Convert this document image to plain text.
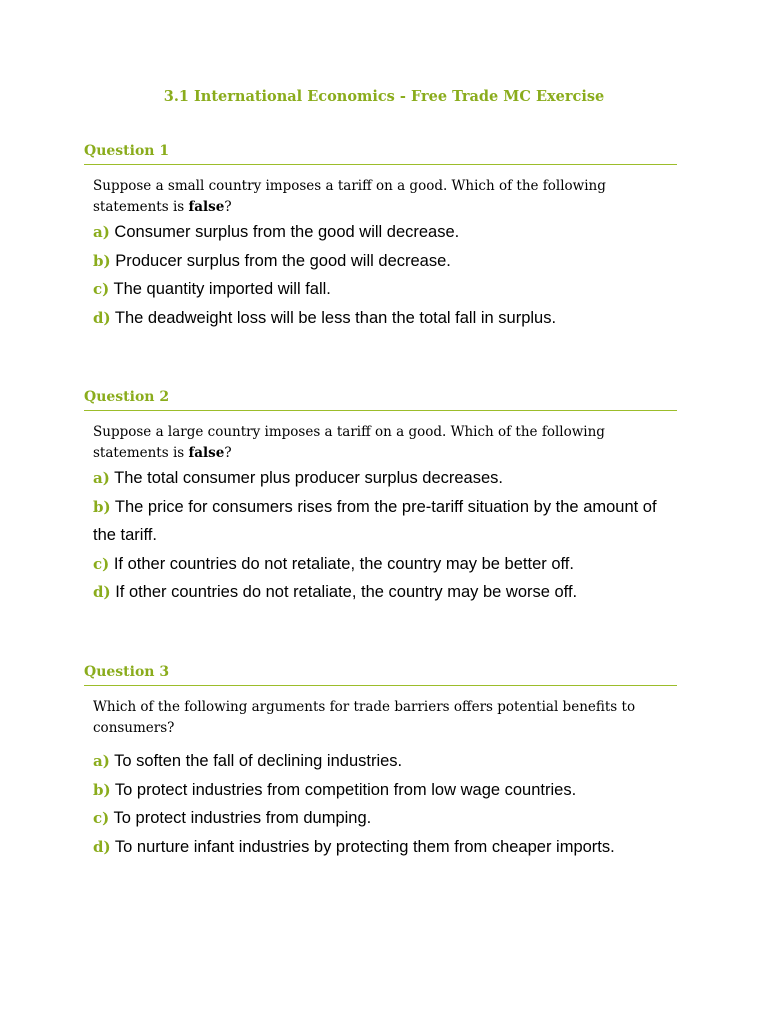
3.1 International Economics - Free Trade MC Exercise
Question 1
Suppose a small country imposes a tariff on a good. Which of the following statements is false?
a) Consumer surplus from the good will decrease.
b) Producer surplus from the good will decrease.
c) The quantity imported will fall.
d) The deadweight loss will be less than the total fall in surplus.
Question 2
Suppose a large country imposes a tariff on a good. Which of the following statements is false?
a) The total consumer plus producer surplus decreases.
b) The price for consumers rises from the pre-tariff situation by the amount of the tariff.
c) If other countries do not retaliate, the country may be better off.
d) If other countries do not retaliate, the country may be worse off.
Question 3
Which of the following arguments for trade barriers offers potential benefits to consumers?
a) To soften the fall of declining industries.
b) To protect industries from competition from low wage countries.
c) To protect industries from dumping.
d) To nurture infant industries by protecting them from cheaper imports.
